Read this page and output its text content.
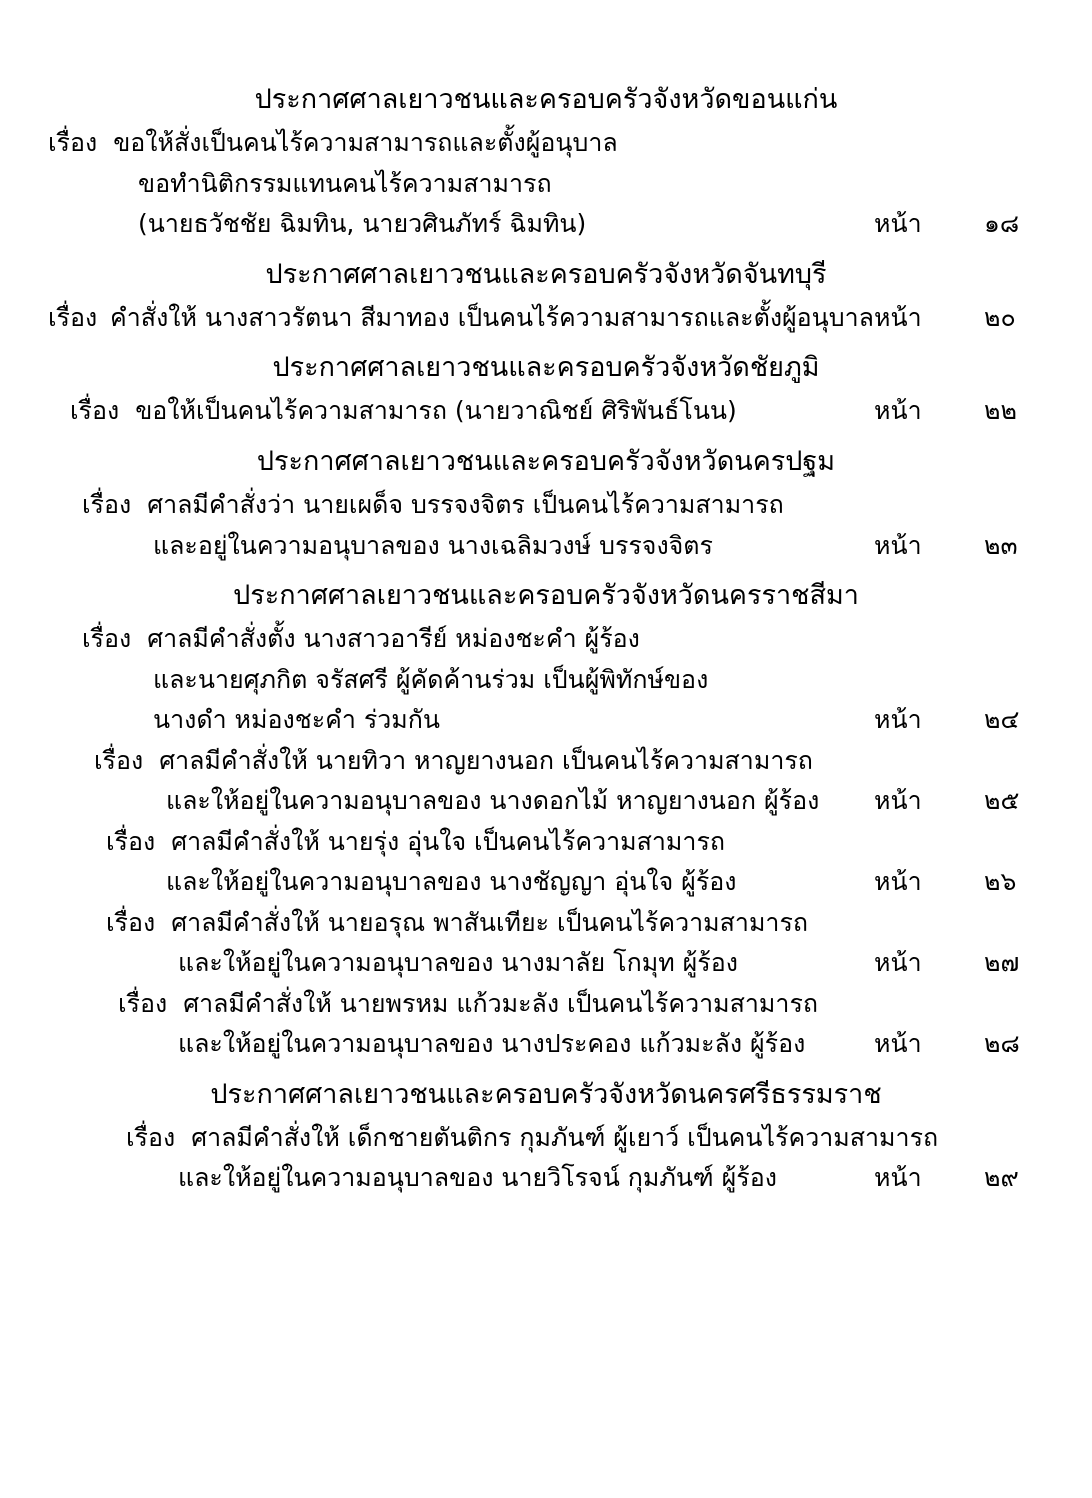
ประกาศศาลเยาวชนและครอบครัวจังหวัดขอนแก่น
เรื่อง ขอให้สั่งเป็นคนไร้ความสามารถและตั้งผู้อนุบาล
ขอทำนิติกรรมแทนคนไร้ความสามารถ
(นายธวัชชัย ฉิมทิน, นายวศินภัทร์ ฉิมทิน)	หน้า	๑๘
ประกาศศาลเยาวชนและครอบครัวจังหวัดจันทบุรี
เรื่อง คำสั่งให้ นางสาวรัตนา สีมาทอง เป็นคนไร้ความสามารถและตั้งผู้อนุบาล หน้า	๒๐
ประกาศศาลเยาวชนและครอบครัวจังหวัดชัยภูมิ
เรื่อง ขอให้เป็นคนไร้ความสามารถ (นายวาณิชย์ ศิริพันธ์โนน)	หน้า	๒๒
ประกาศศาลเยาวชนและครอบครัวจังหวัดนครปฐม
เรื่อง ศาลมีคำสั่งว่า นายเผด็จ บรรจงจิตร เป็นคนไร้ความสามารถ
และอยู่ในความอนุบาลของ นางเฉลิมวงษ์ บรรจงจิตร	หน้า	๒๓
ประกาศศาลเยาวชนและครอบครัวจังหวัดนครราชสีมา
เรื่อง ศาลมีคำสั่งตั้ง นางสาวอารีย์ หม่องชะคำ ผู้ร้อง
และนายศุภกิต จรัสศรี ผู้คัดค้านร่วม เป็นผู้พิทักษ์ของ
นางดำ หม่องชะคำ ร่วมกัน	หน้า	๒๔
เรื่อง ศาลมีคำสั่งให้ นายทิวา หาญยางนอก เป็นคนไร้ความสามารถ
และให้อยู่ในความอนุบาลของ นางดอกไม้ หาญยางนอก ผู้ร้อง หน้า	๒๕
เรื่อง ศาลมีคำสั่งให้ นายรุ่ง อุ่นใจ เป็นคนไร้ความสามารถ
และให้อยู่ในความอนุบาลของ นางชัญญา อุ่นใจ ผู้ร้อง	หน้า	๒๖
เรื่อง ศาลมีคำสั่งให้ นายอรุณ พาสันเทียะ เป็นคนไร้ความสามารถ
และให้อยู่ในความอนุบาลของ นางมาลัย โกมุท ผู้ร้อง	หน้า	๒๗
เรื่อง ศาลมีคำสั่งให้ นายพรหม แก้วมะลัง เป็นคนไร้ความสามารถ
และให้อยู่ในความอนุบาลของ นางประคอง แก้วมะลัง ผู้ร้อง	หน้า	๒๘
ประกาศศาลเยาวชนและครอบครัวจังหวัดนครศรีธรรมราช
เรื่อง ศาลมีคำสั่งให้ เด็กชายตันติกร กุมภันฑ์ ผู้เยาว์ เป็นคนไร้ความสามารถ
และให้อยู่ในความอนุบาลของ นายวิโรจน์ กุมภันฑ์ ผู้ร้อง	หน้า	๒๙
